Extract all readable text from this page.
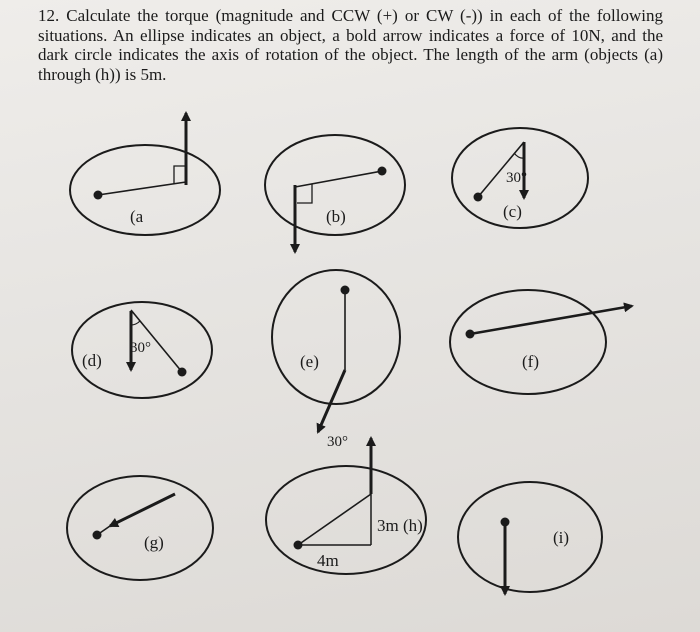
12. Calculate the torque (magnitude and CCW (+) or CW (-)) in each of the following situations. An ellipse indicates an object, a bold arrow indicates a force of 10N, and the dark circle indicates the axis of rotation of the object. The length of the arm (objects (a) through (h)) is 5m.
(a	(b)
30°
(c)
30°
(d)
30°
(e)	(f)
(g)
3m (h)
4m
(i)
